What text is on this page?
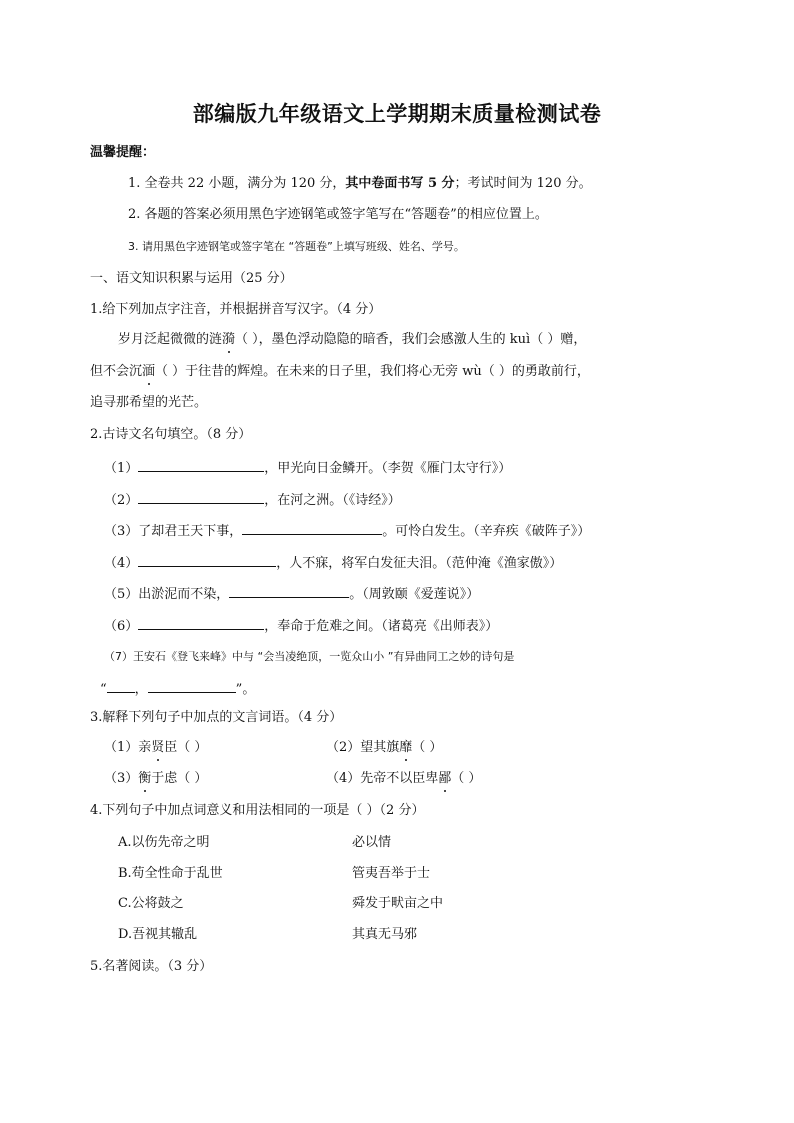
部编版九年级语文上学期期末质量检测试卷
温馨提醒：
1. 全卷共 22 小题，满分为 120 分，其中卷面书写 5 分；考试时间为 120 分。
2. 各题的答案必须用黑色字迹钢笔或签字笔写在“答题卷”的相应位置上。
3. 请用黑色字迹钢笔或签字笔在 “答题卷”上填写班级、姓名、学号。
一、语文知识积累与运用（25 分）
1.给下列加点字注音，并根据拼音写汉字。（4 分）
岁月泛起微微的涟漪（ ），墨色浮动隐隐的暗香，我们会感激人生的 kuì（ ）赠，
但不会沉湎（ ）于往昔的辉煌。在未来的日子里，我们将心无旁 wù（ ）的勇敢前行，
追寻那希望的光芒。
2.古诗文名句填空。（8 分）
（1）	，甲光向日金鳞开。（李贺《雁门太守行》）
（2）	，在河之洲。（《诗经》）
（3）了却君王天下事，	。可怜白发生。（辛弃疾《破阵子》）
（4）	，人不寐，将军白发征夫泪。（范仲淹《渔家傲》）
（5）出淤泥而不染，	。（周敦颐《爱莲说》）
（6）	，奉命于危难之间。（诸葛亮《出师表》）
（7）王安石《登飞来峰》中与 “会当凌绝顶，一览众山小 ”有异曲同工之妙的诗句是
“ ，	”。
3.解释下列句子中加点的文言词语。（4 分）
（1）亲贤臣（ ）	（2）望其旗靡（ ）
（3）衡于虑（ ）	（4）先帝不以臣卑鄙（ ）
4.下列句子中加点词意义和用法相同的一项是（ ）（2 分）
A.以伤先帝之明	必以情
B.苟全性命于乱世	管夷吾举于士
C.公将鼓之	舜发于畎亩之中
D.吾视其辙乱	其真无马邪
5.名著阅读。（3 分）
